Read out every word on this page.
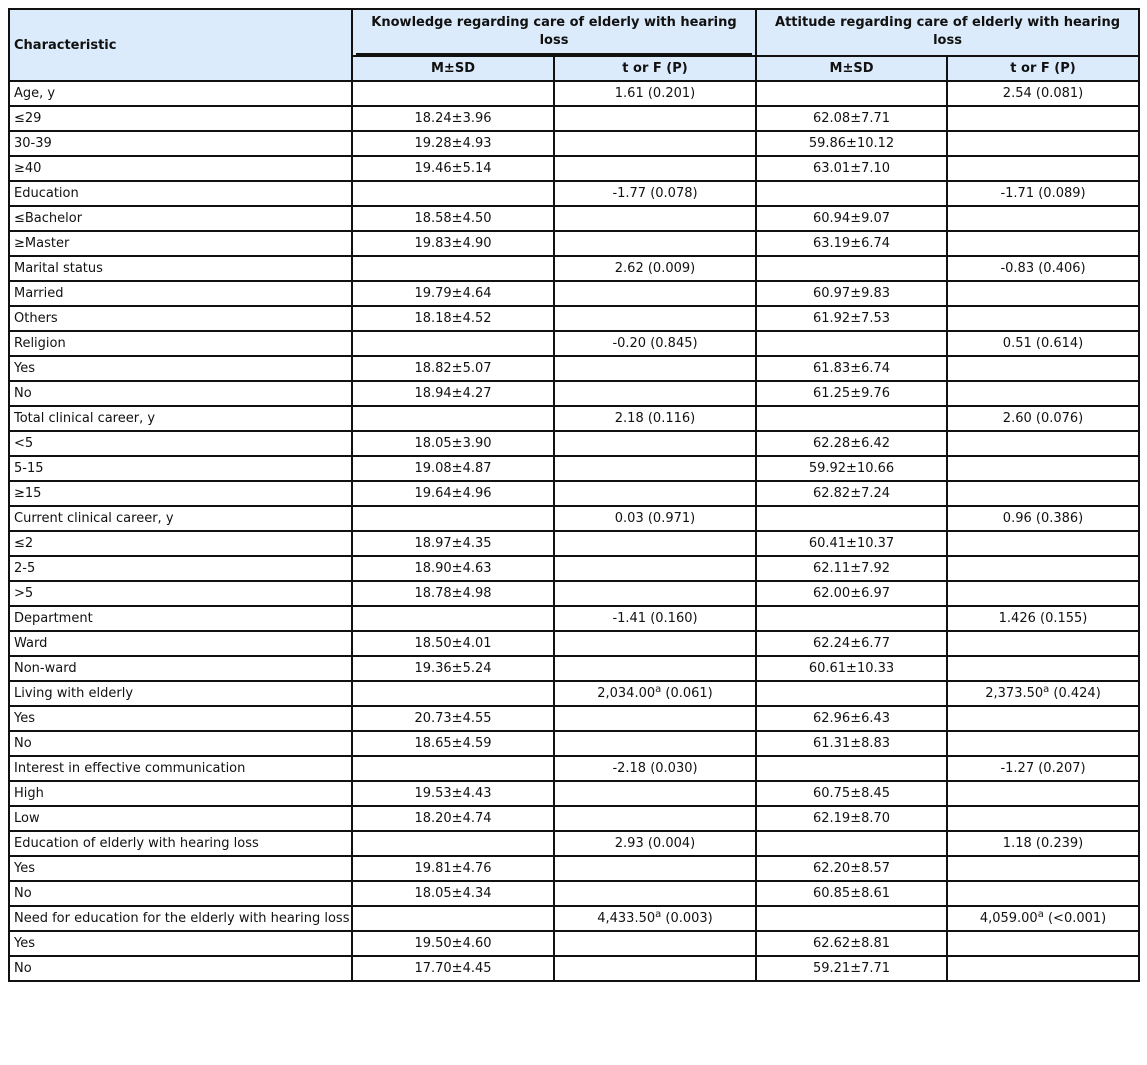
Characteristic	Knowledge regarding care of elderly with hearing loss		Attitude regarding care of elderly with hearing loss	

	M±SD	t or F (P)	M±SD	t or F (P)
Age, y		1.61 (0.201)		2.54 (0.081)
≤29	18.24±3.96		62.08±7.71	
30-39	19.28±4.93		59.86±10.12	
≥40	19.46±5.14		63.01±7.10	
Education		-1.77 (0.078)		-1.71 (0.089)
≤Bachelor	18.58±4.50		60.94±9.07	
≥Master	19.83±4.90		63.19±6.74	
Marital status		2.62 (0.009)		-0.83 (0.406)
Married	19.79±4.64		60.97±9.83	
Others	18.18±4.52		61.92±7.53	
Religion		-0.20 (0.845)		0.51 (0.614)
Yes	18.82±5.07		61.83±6.74	
No	18.94±4.27		61.25±9.76	
Total clinical career, y		2.18 (0.116)		2.60 (0.076)
<5	18.05±3.90		62.28±6.42	
5-15	19.08±4.87		59.92±10.66	
≥15	19.64±4.96		62.82±7.24	
Current clinical career, y		0.03 (0.971)		0.96 (0.386)
≤2	18.97±4.35		60.41±10.37	
2-5	18.90±4.63		62.11±7.92	
>5	18.78±4.98		62.00±6.97	
Department		-1.41 (0.160)		1.426 (0.155)
Ward	18.50±4.01		62.24±6.77	
Non-ward	19.36±5.24		60.61±10.33	
Living with elderly		2,034.00$^a$ (0.061)		2,373.50$^a$ (0.424)
Yes	20.73±4.55		62.96±6.43	
No	18.65±4.59		61.31±8.83	
Interest in effective communication		-2.18 (0.030)		-1.27 (0.207)
High	19.53±4.43		60.75±8.45	
Low	18.20±4.74		62.19±8.70	
Education of elderly with hearing loss		2.93 (0.004)		1.18 (0.239)
Yes	19.81±4.76		62.20±8.57	
No	18.05±4.34		60.85±8.61	
Need for education for the elderly with hearing loss		4,433.50$^a$ (0.003)		4,059.00$^a$ (<0.001)
Yes	19.50±4.60		62.62±8.81	
No	17.70±4.45		59.21±7.71	
